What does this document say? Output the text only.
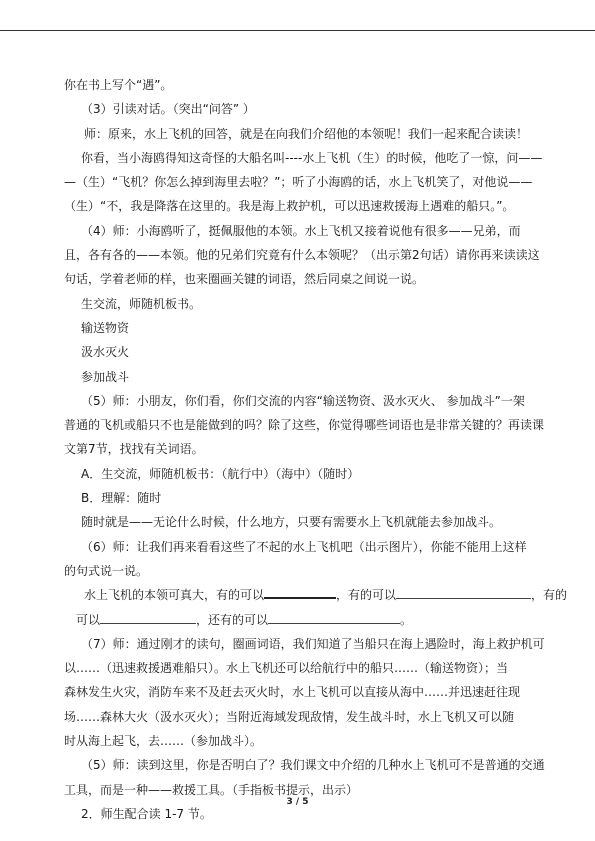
你在书上写个“遇”。
（3）引读对话。（突出“问答” ）
师：原来，水上飞机的回答，就是在向我们介绍他的本领呢！我们一起来配合读读！
你看，当小海鸥得知这奇怪的大船名叫----水上飞机（生）的时候，他吃了一惊，问——
—（生）“飞机？你怎么掉到海里去啦？”；听了小海鸥的话，水上飞机笑了，对他说——
（生）“不，我是降落在这里的。我是海上救护机，可以迅速救援海上遇难的船只。”。
（4）师：小海鸥听了，挺佩服他的本领。水上飞机又接着说他有很多——兄弟，而
且，各有各的——本领。他的兄弟们究竟有什么本领呢？（出示第2句话）请你再来读读这
句话，学着老师的样，也来圈画关键的词语，然后同桌之间说一说。
生交流，师随机板书。
输送物资
汲水灭火
参加战斗
（5）师：小朋友，你们看，你们交流的内容“输送物资、汲水灭火、 参加战斗”一架
普通的飞机或船只不也是能做到的吗？除了这些，你觉得哪些词语也是非常关键的？再读课
文第7节，找找有关词语。
A．生交流，师随机板书：（航行中）（海中）（随时）
B．理解：随时
随时就是——无论什么时候，什么地方，只要有需要水上飞机就能去参加战斗。
（6）师：让我们再来看看这些了不起的水上飞机吧（出示图片），你能不能用上这样
的句式说一说。
水上飞机的本领可真大，有的可以	，有的可以	，有的
可以	，还有的可以	。
（7）师：通过刚才的读句，圈画词语，我们知道了当船只在海上遇险时，海上救护机可
以……（迅速救援遇难船只）。水上飞机还可以给航行中的船只……（输送物资）；当
森林发生火灾，消防车来不及赶去灭火时，水上飞机可以直接从海中……并迅速赶往现
场……森林大火（汲水灭火）；当附近海域发现敌情，发生战斗时，水上飞机又可以随
时从海上起飞，去……（参加战斗）。
（5）师：读到这里，你是否明白了？我们课文中介绍的几种水上飞机可不是普通的交通
工具，而是一种——救援工具。（手指板书提示，出示）
2．师生配合读 1-7 节。
3 / 5
